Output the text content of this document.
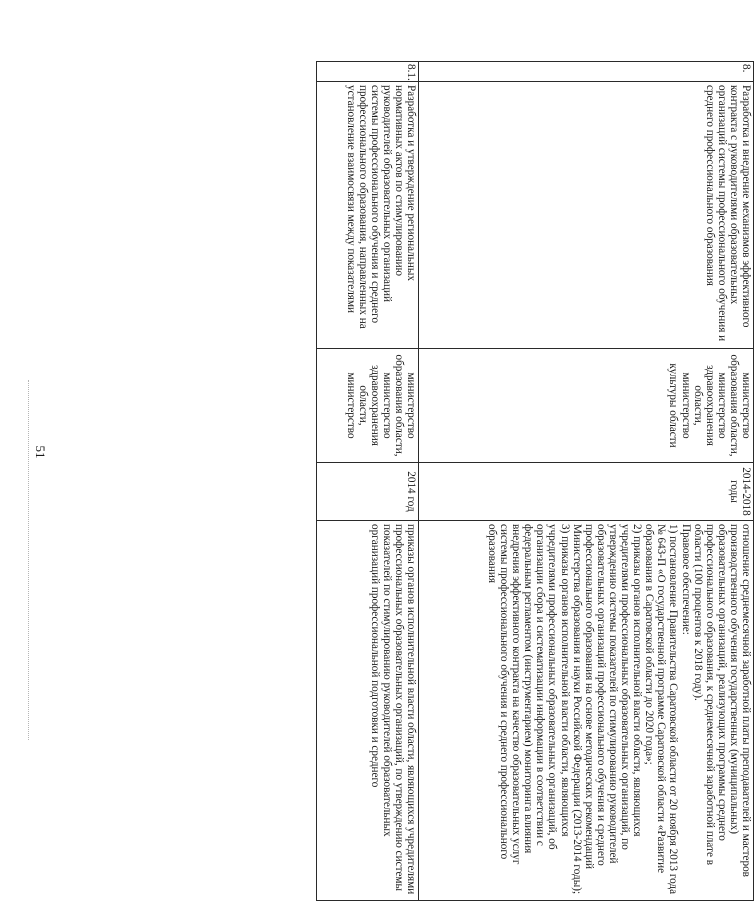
51
8.
Разработка и внедрение механизмов эффективного контракта с руководителями образовательных организаций системы профессионального обучения и среднего профессионального образования
министерство образования области, министерство здравоохранения области, министерство культуры области
2014-2018 годы

отношение среднемесячной заработной платы преподавателей и мастеров производственного обучения государственных (муниципальных) образовательных организаций, реализующих программы среднего профессионального образования, к среднемесячной заработной плате в области (100 процентов к 2018 году).

Правовое обеспечение:

1) постановление Правительства Саратовской области от 20 ноября 2013 года № 643-П «О государственной программе Саратовской области «Развитие образования в Саратовской области до 2020 года»;

2) приказы органов исполнительной власти области, являющихся учредителями профессиональных образовательных организаций, по утверждению системы показателей по стимулированию руководителей образовательных организаций профессионального обучения и среднего профессионального образования на основе методических рекомендаций Министерства образования и науки Российской Федерации (2013-2014 годы);

3) приказы органов исполнительной власти области, являющихся учредителями профессиональных образовательных организаций, об организации сбора и систематизации информации в соответствии с федеральным регламентом (инструментарием) мониторинга влияния внедрения эффективного контракта на качество образовательных услуг системы профессионального обучения и среднего профессионального образования

8.1.
Разработка и утверждение региональных нормативных актов по стимулированию руководителей образовательных организаций системы профессионального обучения и среднего профессионального образования, направленных на установление взаимосвязи между показателями
министерство образования области, министерство здравоохранения области, министерство
2014 год

приказы органов исполнительной власти области, являющихся учредителями профессиональных образовательных организаций, по утверждению системы показателей по стимулированию руководителей образовательных организаций профессиональной подготовки и среднего
